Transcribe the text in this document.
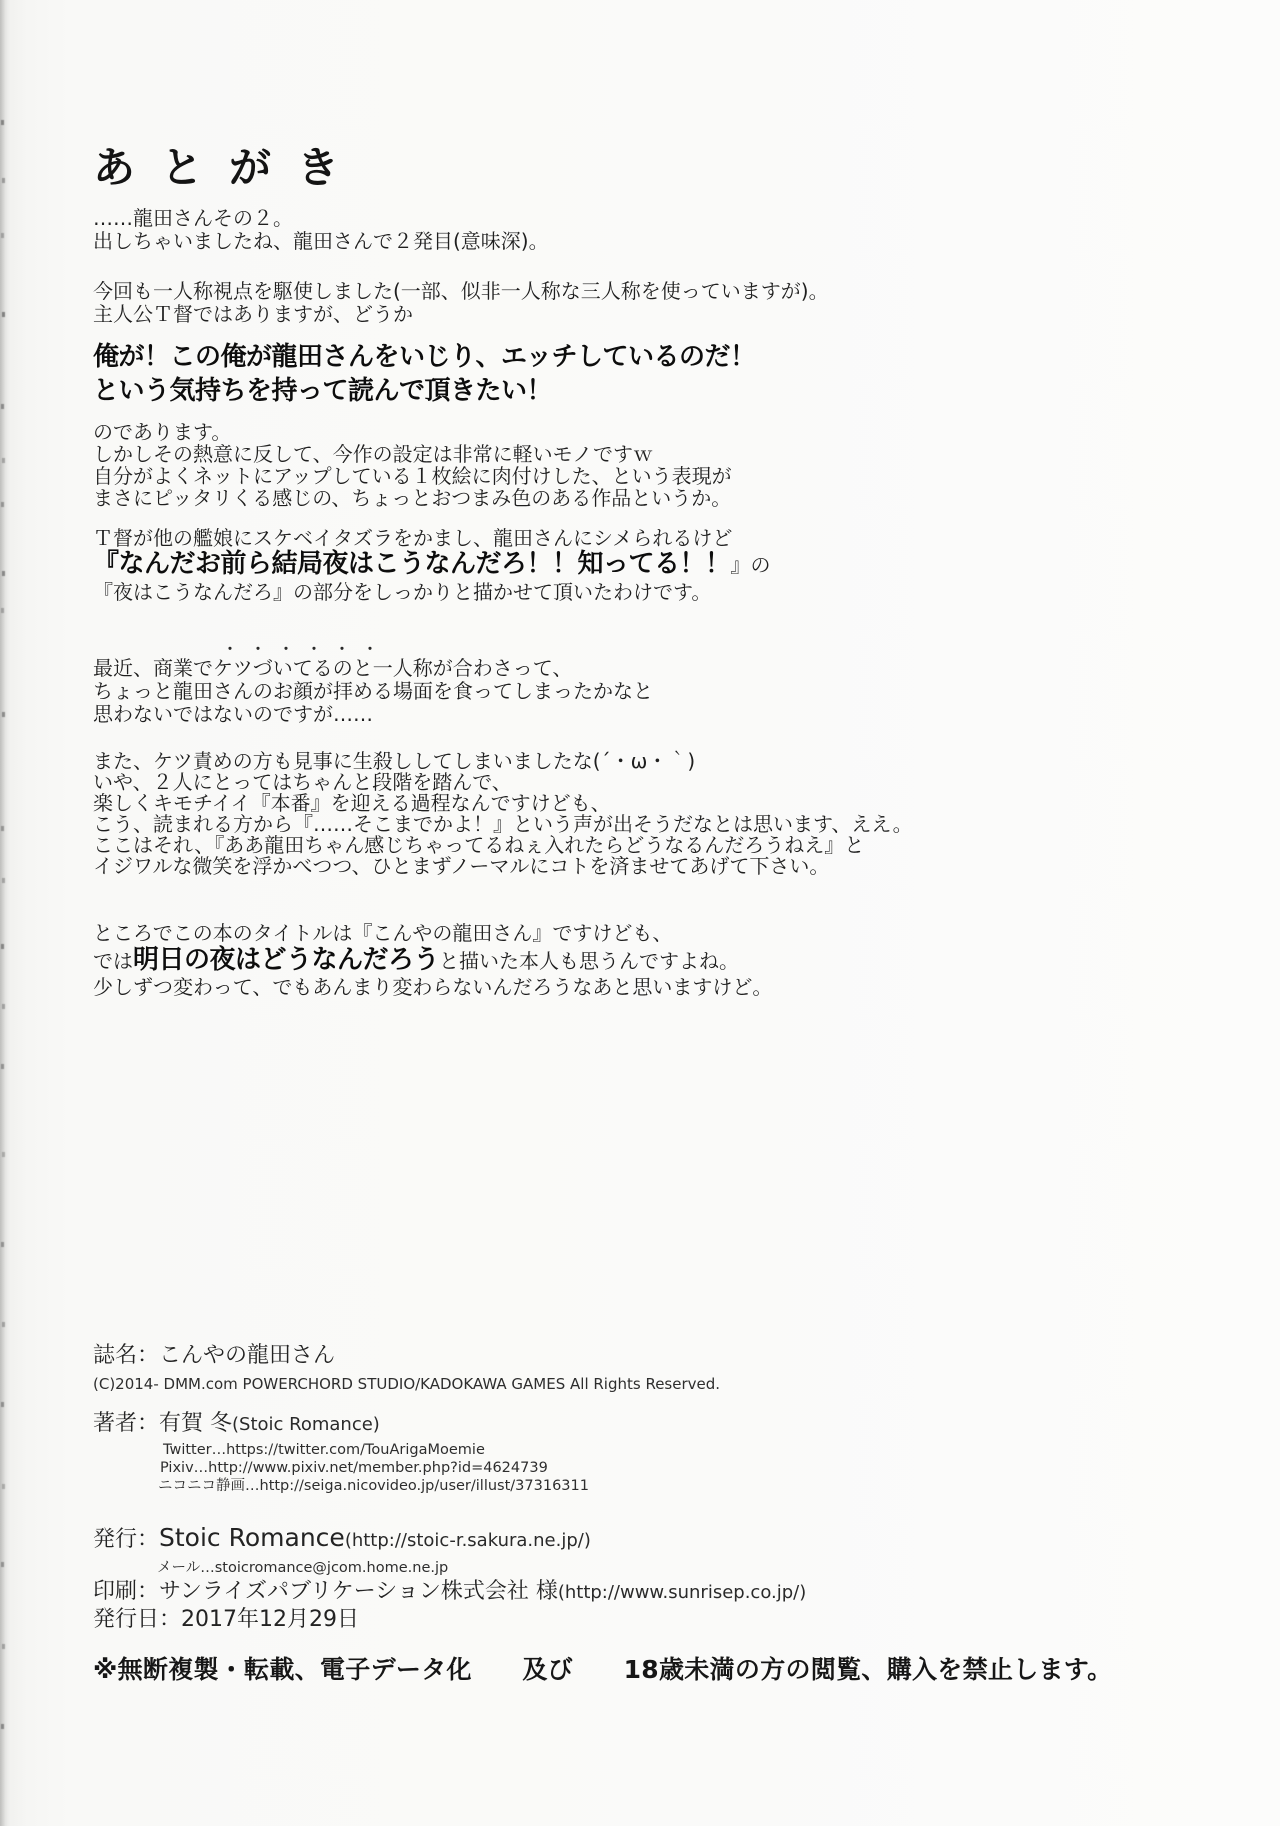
あとがき
……龍田さんその２。
出しちゃいましたね、龍田さんで２発目(意味深)。
今回も一人称視点を駆使しました(一部、似非一人称な三人称を使っていますが)。
主人公Ｔ督ではありますが、どうか
俺が！この俺が龍田さんをいじり、エッチしているのだ！
という気持ちを持って読んで頂きたい！
のであります。
しかしその熱意に反して、今作の設定は非常に軽いモノですｗ
自分がよくネットにアップしている１枚絵に肉付けした、という表現が
まさにピッタリくる感じの、ちょっとおつまみ色のある作品というか。
Ｔ督が他の艦娘にスケベイタズラをかまし、龍田さんにシメられるけど
『なんだお前ら結局夜はこうなんだろ！！知ってる！！』の
『夜はこうなんだろ』の部分をしっかりと描かせて頂いたわけです。
・・・・・・
最近、商業でケツづいてるのと一人称が合わさって、
ちょっと龍田さんのお顔が拝める場面を食ってしまったかなと
思わないではないのですが……
また、ケツ責めの方も見事に生殺ししてしまいましたな(´・ω・｀)
いや、２人にとってはちゃんと段階を踏んで、
楽しくキモチイイ『本番』を迎える過程なんですけども、
こう、読まれる方から『……そこまでかよ！』という声が出そうだなとは思います、ええ。
ここはそれ、『ああ龍田ちゃん感じちゃってるねぇ入れたらどうなるんだろうねえ』と
イジワルな微笑を浮かべつつ、ひとまずノーマルにコトを済ませてあげて下さい。
ところでこの本のタイトルは『こんやの龍田さん』ですけども、
では明日の夜はどうなんだろうと描いた本人も思うんですよね。
少しずつ変わって、でもあんまり変わらないんだろうなあと思いますけど。
誌名：こんやの龍田さん
(C)2014- DMM.com POWERCHORD STUDIO/KADOKAWA GAMES All Rights Reserved.
著者：有賀 冬(Stoic Romance)
Twitter…https://twitter.com/TouArigaMoemie
Pixiv…http://www.pixiv.net/member.php?id=4624739
ニコニコ静画…http://seiga.nicovideo.jp/user/illust/37316311
発行：Stoic Romance(http://stoic-r.sakura.ne.jp/)
メール…stoicromance@jcom.home.ne.jp
印刷：サンライズパブリケーション株式会社 様(http://www.sunrisep.co.jp/)
発行日：2017年12月29日
※無断複製・転載、電子データ化　　及び　　18歳未満の方の閲覧、購入を禁止します。
